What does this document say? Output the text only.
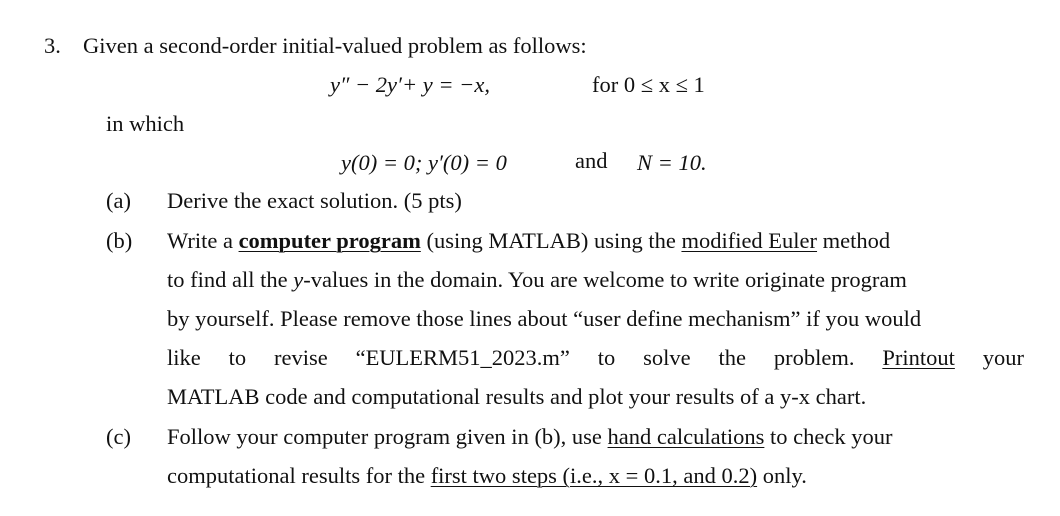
3. Given a second-order initial-valued problem as follows:
y″ − 2y′+ y = −x,	for 0 ≤ x ≤ 1
in which
y(0) = 0; y′(0) = 0	and N = 10.
(a) Derive the exact solution. (5 pts)
(b) Write a computer program (using MATLAB) using the modified Euler method
to find all the y-values in the domain. You are welcome to write originate program
by yourself. Please remove those lines about “user define mechanism” if you would
like to revise “EULERM51_2023.m” to solve the problem. Printout your
MATLAB code and computational results and plot your results of a y-x chart.
(c) Follow your computer program given in (b), use hand calculations to check your
computational results for the first two steps (i.e., x = 0.1, and 0.2) only.
